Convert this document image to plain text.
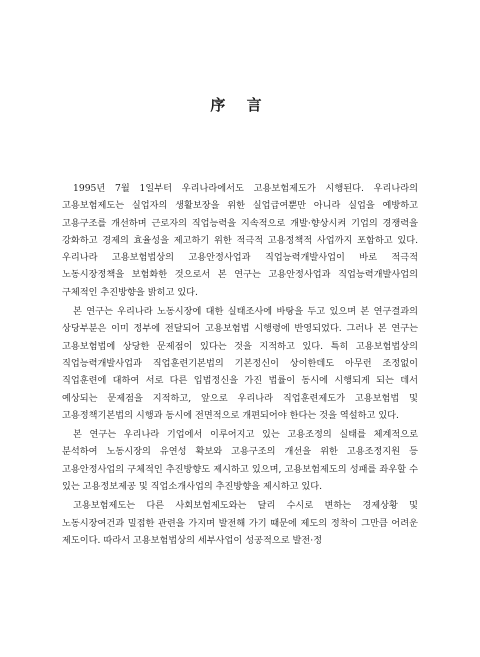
序 言

1995년 7월 1일부터 우리나라에서도 고용보험제도가 시행된다. 우리나라의 고용보험제도는 실업자의 생활보장을 위한 실업급여뿐만 아니라 실업을 예방하고 고용구조를 개선하며 근로자의 직업능력을 지속적으로 개발·향상시켜 기업의 경쟁력을 강화하고 경제의 효율성을 제고하기 위한 적극적 고용정책적 사업까지 포함하고 있다. 우리나라 고용보험법상의 고용안정사업과 직업능력개발사업이 바로 적극적 노동시장정책을 보험화한 것으로서 본 연구는 고용안정사업과 직업능력개발사업의 구체적인 추진방향을 밝히고 있다.

본 연구는 우리나라 노동시장에 대한 실태조사에 바탕을 두고 있으며 본 연구결과의 상당부분은 이미 정부에 전달되어 고용보험법 시행령에 반영되었다. 그러나 본 연구는 고용보험법에 상당한 문제점이 있다는 것을 지적하고 있다. 특히 고용보험법상의 직업능력개발사업과 직업훈련기본법의 기본정신이 상이한데도 아무런 조정없이 직업훈련에 대하여 서로 다른 입법정신을 가진 법률이 동시에 시행되게 되는 데서 예상되는 문제점을 지적하고, 앞으로 우리나라 직업훈련제도가 고용보험법 및 고용정책기본법의 시행과 동시에 전면적으로 개편되어야 한다는 것을 역설하고 있다.

본 연구는 우리나라 기업에서 이루어지고 있는 고용조정의 실태를 체계적으로 분석하여 노동시장의 유연성 확보와 고용구조의 개선을 위한 고용조정지원 등 고용안정사업의 구체적인 추진방향도 제시하고 있으며, 고용보험제도의 성패를 좌우할 수 있는 고용정보제공 및 직업소개사업의 추진방향을 제시하고 있다.

고용보험제도는 다른 사회보험제도와는 달리 수시로 변하는 경제상황 및 노동시장여건과 밀접한 관련을 가지며 발전해 가기 때문에 제도의 정착이 그만큼 어려운 제도이다. 따라서 고용보험법상의 세부사업이 성공적으로 발전·정
